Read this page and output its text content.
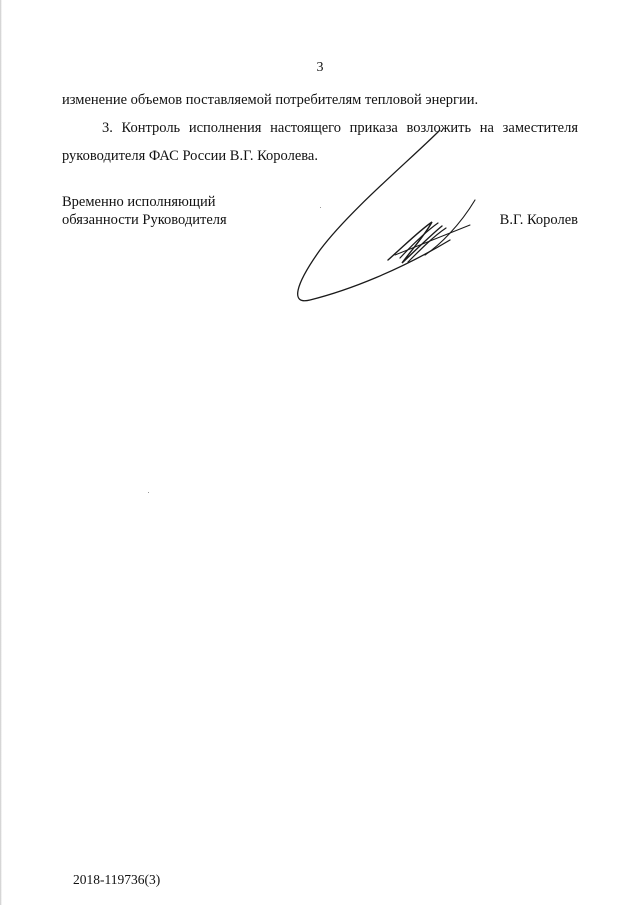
3
изменение объемов поставляемой потребителям тепловой энергии.
3. Контроль исполнения настоящего приказа возложить на заместителя
руководителя ФАС России В.Г. Королева.
Временно исполняющий
обязанности Руководителя	В.Г. Королев
2018-119736(3)
